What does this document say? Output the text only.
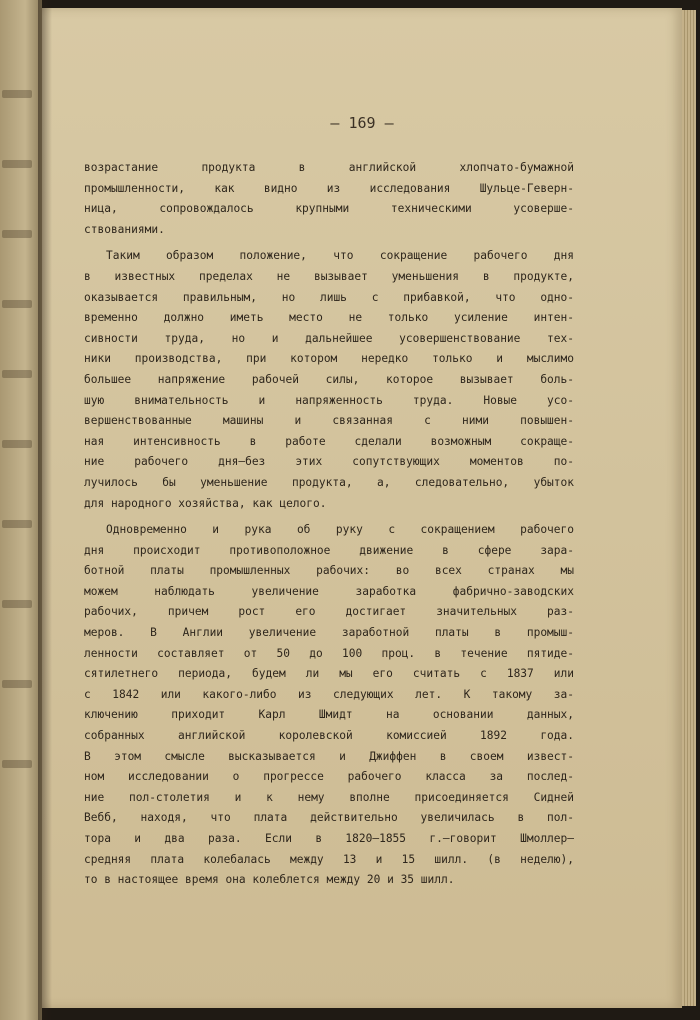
— 169 —

возрастание продукта в английской хлопчато-бумажной
промышленности, как видно из исследования Шульце-Геверн-
ница, сопровождалось крупными техническими усоверше-
ствованиями.

Таким образом положение, что сокращение рабочего дня
в известных пределах не вызывает уменьшения в продукте,
оказывается правильным, но лишь с прибавкой, что одно-
временно должно иметь место не только усиление интен-
сивности труда, но и дальнейшее усовершенствование тех-
ники производства, при котором нередко только и мыслимо
большее напряжение рабочей силы, которое вызывает боль-
шую внимательность и напряженность труда. Новые усо-
вершенствованные машины и связанная с ними повышен-
ная интенсивность в работе сделали возможным сокраще-
ние рабочего дня—без этих сопутствующих моментов по-
лучилось бы уменьшение продукта, а, следовательно, убыток
для народного хозяйства, как целого.

Одновременно и рука об руку с сокращением рабочего
дня происходит противоположное движение в сфере зара-
ботной платы промышленных рабочих: во всех странах мы
можем наблюдать увеличение заработка фабрично-заводских
рабочих, причем рост его достигает значительных раз-
меров. В Англии увеличение заработной платы в промыш-
ленности составляет от 50 до 100 проц. в течение пятиде-
сятилетнего периода, будем ли мы его считать с 1837 или
с 1842 или какого-либо из следующих лет. К такому за-
ключению приходит Карл Шмидт на основании данных,
собранных английской королевской комиссией 1892 года.
В этом смысле высказывается и Джиффен в своем извест-
ном исследовании о прогрессе рабочего класса за послед-
ние пол-столетия и к нему вполне присоединяется Сидней
Вебб, находя, что плата действительно увеличилась в пол-
тора и два раза. Если в 1820—1855 г.—говорит Шмоллер—
средняя плата колебалась между 13 и 15 шилл. (в неделю),
то в настоящее время она колеблется между 20 и 35 шилл.
